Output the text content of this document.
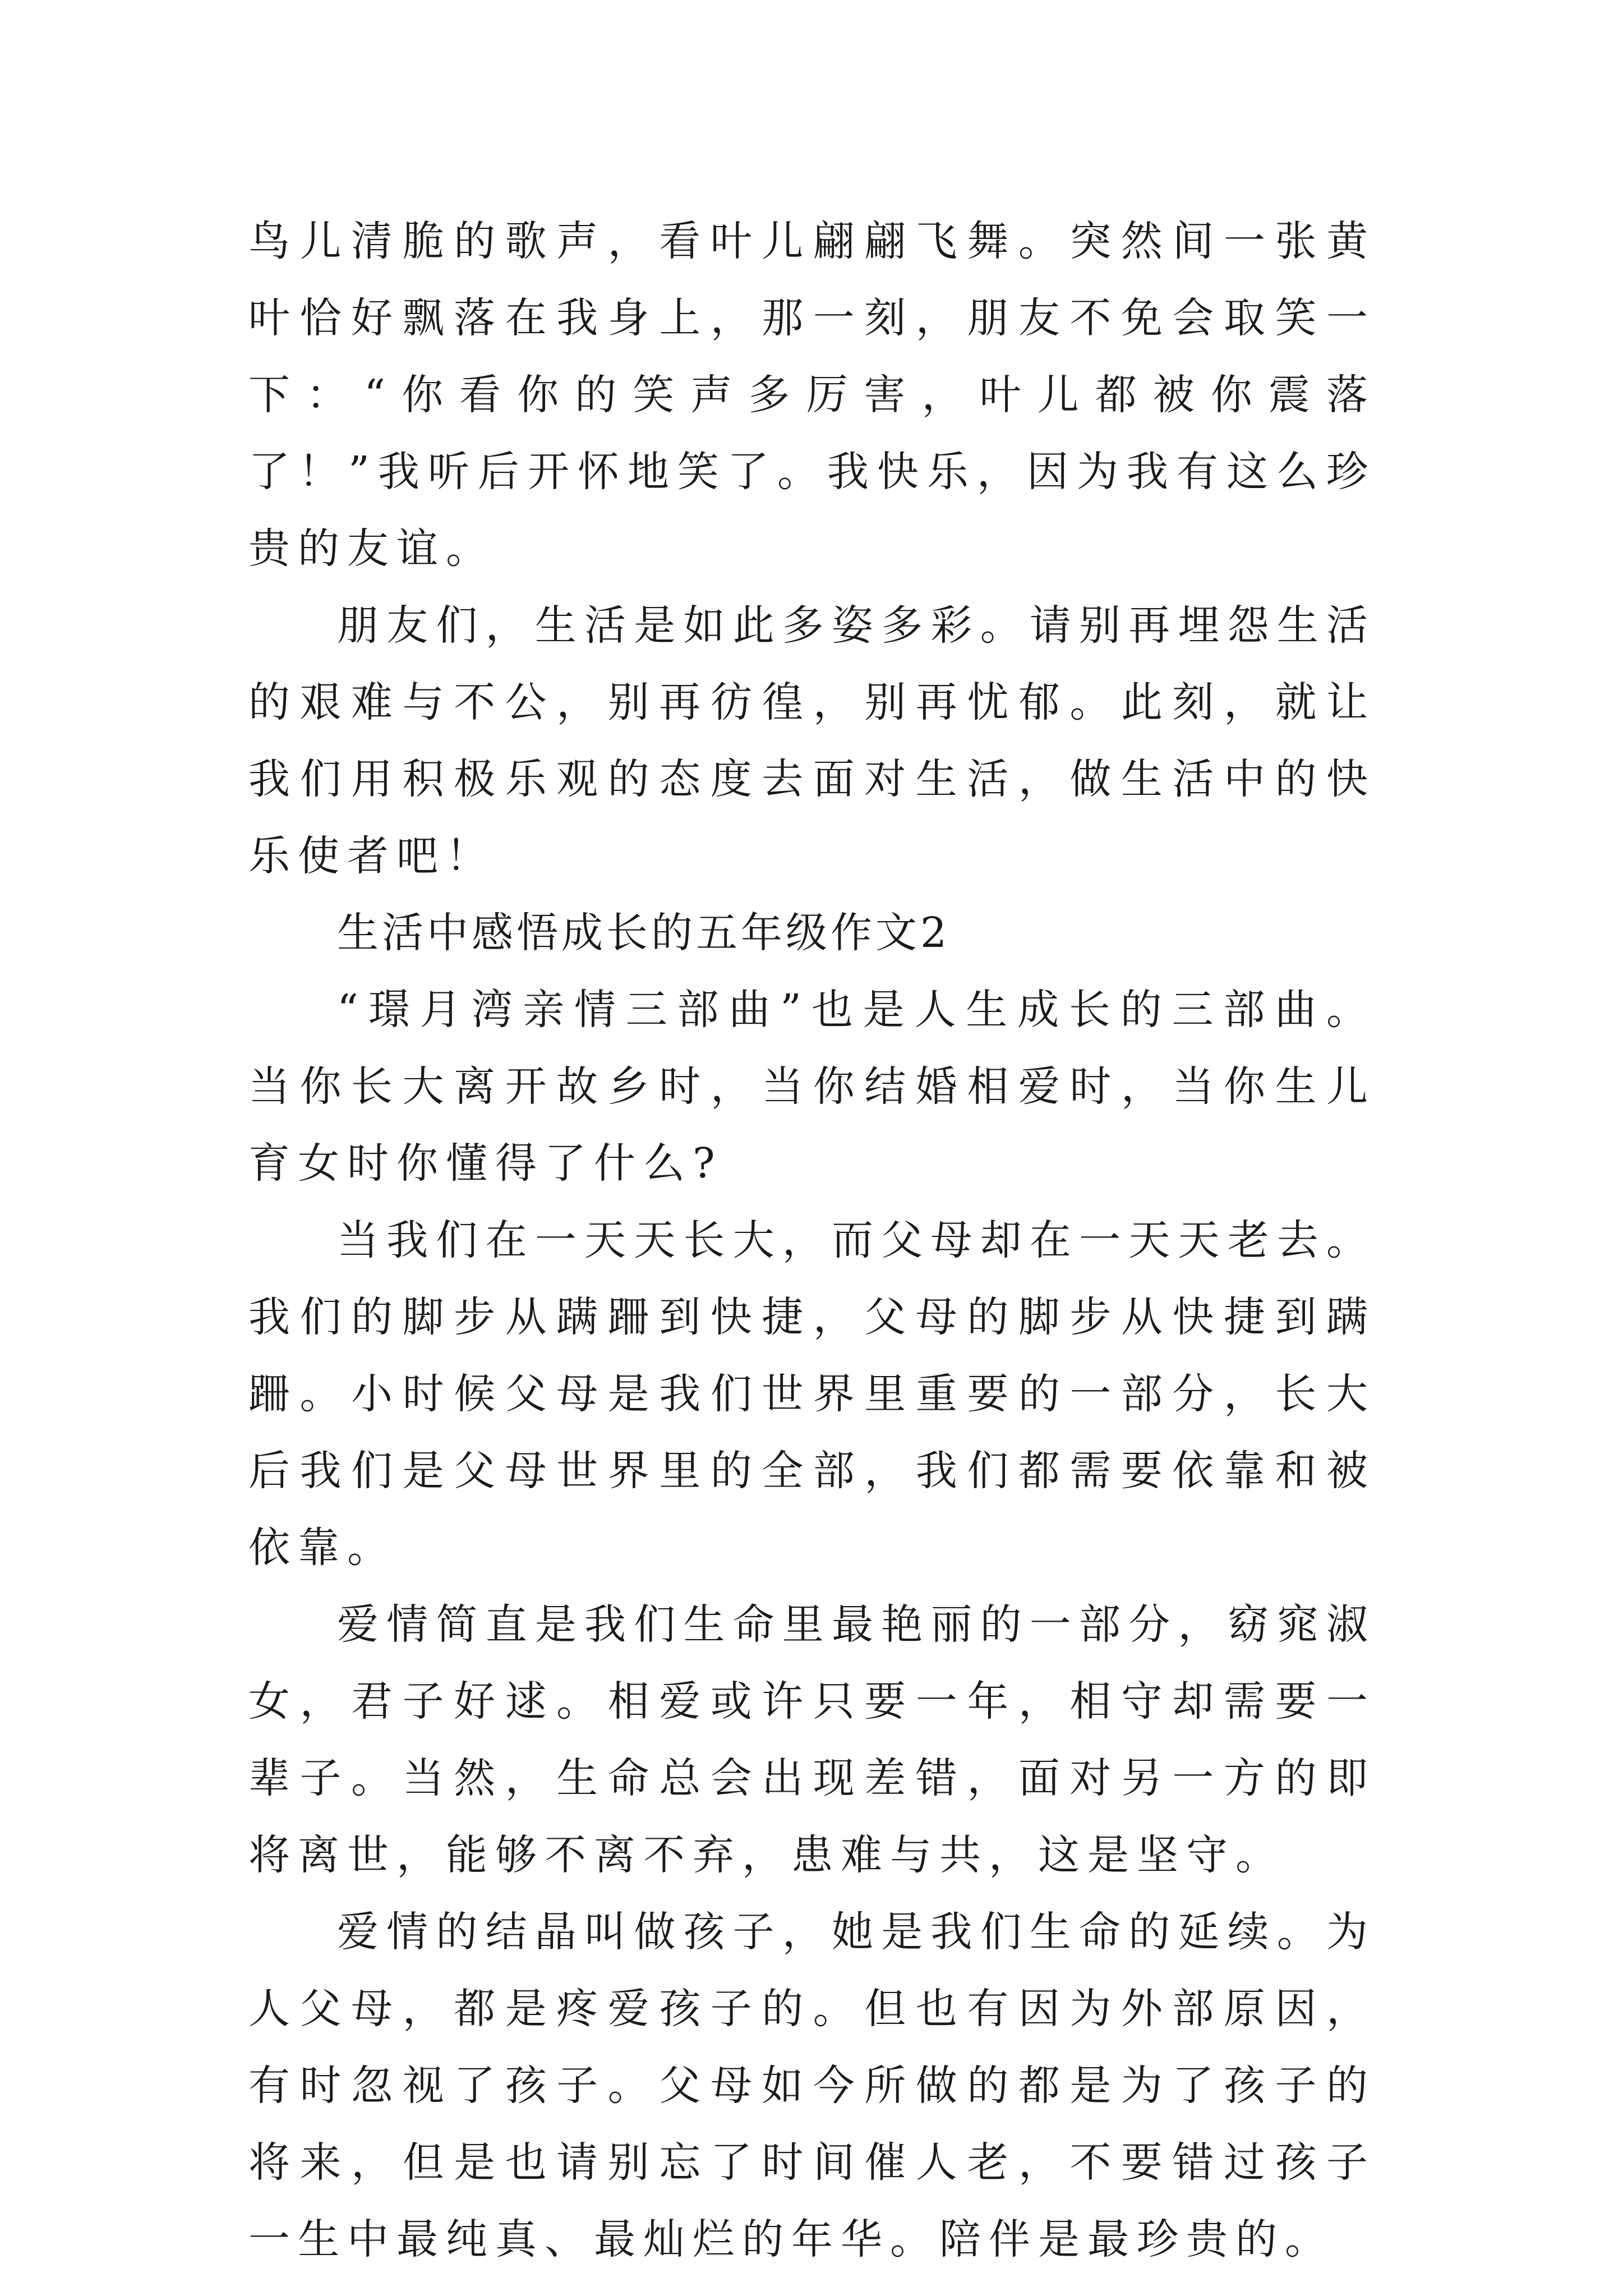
鸟儿清脆的歌声，看叶儿翩翩飞舞。突然间一张黄叶恰好飘落在我身上，那一刻，朋友不免会取笑一下：“你看你的笑声多厉害，叶儿都被你震落了！”我听后开怀地笑了。我快乐，因为我有这么珍贵的友谊。

朋友们，生活是如此多姿多彩。请别再埋怨生活的艰难与不公，别再彷徨，别再忧郁。此刻，就让我们用积极乐观的态度去面对生活，做生活中的快乐使者吧！

生活中感悟成长的五年级作文2

“璟月湾亲情三部曲”也是人生成长的三部曲。当你长大离开故乡时，当你结婚相爱时，当你生儿育女时你懂得了什么?

当我们在一天天长大，而父母却在一天天老去。我们的脚步从蹒跚到快捷，父母的脚步从快捷到蹒跚。小时候父母是我们世界里重要的一部分，长大后我们是父母世界里的全部，我们都需要依靠和被依靠。

爱情简直是我们生命里最艳丽的一部分，窈窕淑女，君子好逑。相爱或许只要一年，相守却需要一辈子。当然，生命总会出现差错，面对另一方的即将离世，能够不离不弃，患难与共，这是坚守。

爱情的结晶叫做孩子，她是我们生命的延续。为人父母，都是疼爱孩子的。但也有因为外部原因，有时忽视了孩子。父母如今所做的都是为了孩子的将来，但是也请别忘了时间催人老，不要错过孩子一生中最纯真、最灿烂的年华。陪伴是最珍贵的。
